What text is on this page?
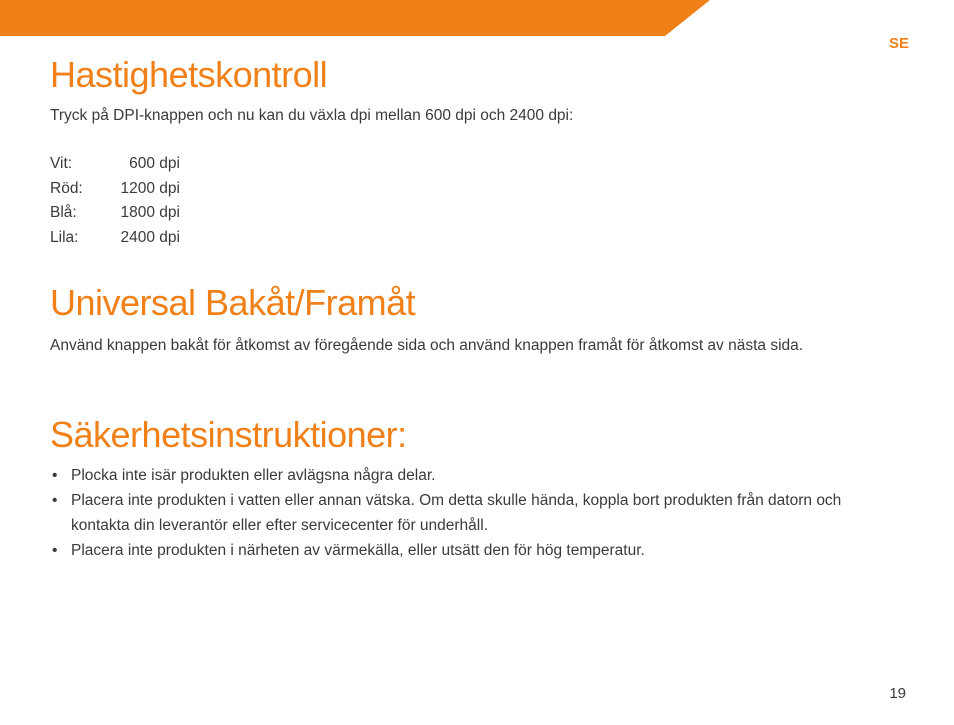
SE
Hastighetskontroll

Tryck på DPI-knappen och nu kan du växla dpi mellan 600 dpi och 2400 dpi:

Vit:	600 dpi
Röd:	1200 dpi
Blå:	1800 dpi
Lila:	2400 dpi
Universal Bakåt/Framåt

Använd knappen bakåt för åtkomst av föregående sida och använd knappen framåt för åtkomst av nästa sida.

Säkerhetsinstruktioner:
• Plocka inte isär produkten eller avlägsna några delar.
• Placera inte produkten i vatten eller annan vätska. Om detta skulle hända, koppla bort produkten från datorn och kontakta din leverantör eller efter servicecenter för underhåll.
• Placera inte produkten i närheten av värmekälla, eller utsätt den för hög temperatur.
19
